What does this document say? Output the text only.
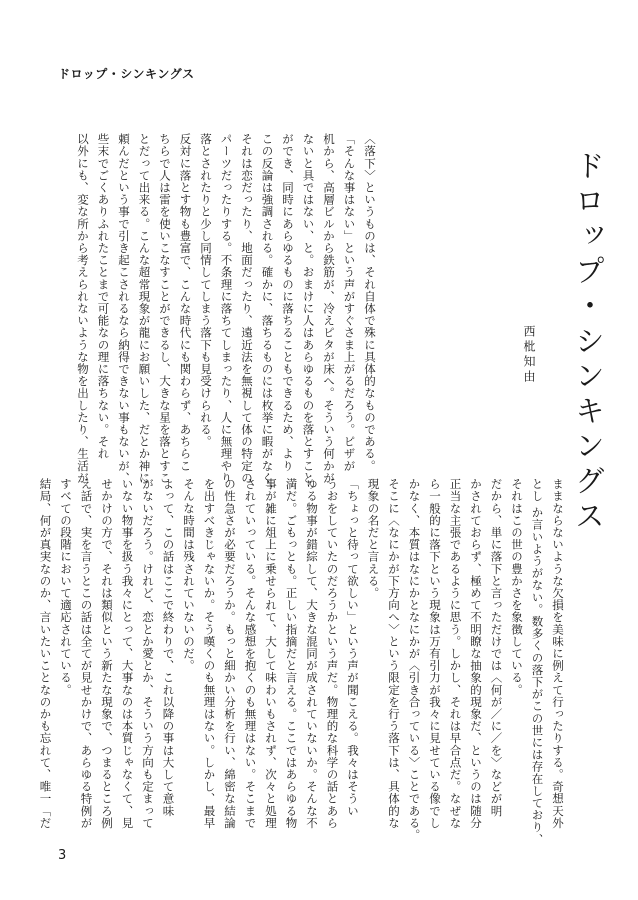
ドロップ・シンキングス
ドロップ・シンキングス
西枇知由
〈落下〉というものは、それ自体で殊に具体的なものである。
「そんな事はない」という声がすぐさま上がるだろう。ピザが
机から、高層ビルから鉄筋が、冷えピタが床へ。そういう何かが
ないと具ではない、と。おまけに人はあらゆるものを落とすこと
ができ、同時にあらゆるものに落ちることもできるため、より
この反論は強調される。確かに、落ちるものには枚挙に暇がなく、
それは恋だったり、地面だったり、遠近法を無視して体の特定の
パーツだったりする。不条理に落ちてしまったり、人に無理やり
落とされたりと少し同情してしまう落下も見受けられる。
反対に落とす物も豊富で、こんな時代にも関わらず、あちらこ
ちらで人は雷を使いこなすことができるし、大きな星を落とすこ
とだって出来る。こんな超常現象が龍にお願いした、だとか神に
頼んだという事で引き起こされるなら納得できない事もないが、
些末でごくありふれたことまで可能なの理に落ちない。それ
以外にも、変な所から考えられないような物を出したり、生活が
ままならないような欠損を美味に例えて行ったりする。奇想天外
とし か言いようがない。数多くの落下がこの世には存在しており、
それはこの世の豊かさを象徴している。
だから、単に落下と言っただけでは〈何が／に／を〉などが明
かされておらず、極めて不明瞭な抽象的現象だ、というのは随分
正当な主張であるように思う。しかし、それは早合点だ。なぜな
ら一般的に落下という現象は万有引力が我々に見せている像でし
かなく、本質はなにかとなにかが〈引き合っている〉ことである。
そこに〈なにかが下方向へ〉という限定を行う落下は、具体的な
現象の名だと言える。
「ちょっと待って欲しい」という声が聞こえる。我々はそうい
うおをしていたのだろうかという声だ。物理的な科学の話とあら
ゆる物事が錯綜して、大きな混同が成されていないか。そんな不
満だ。ごもっとも。正しい指摘だと言える。ここではあらゆる物
事が雑に俎上に乗せられて、大して味わいもされず、次々と処理
されていっている。そんな感想を抱くのも無理はない。そこまで
の性急さが必要だろうか。もっと細かい分析を行い、綿密な結論
を出すべきじゃないか。そう嘆くのも無理はない。しかし、最早
そんな時間は残されていないのだ。
よって、この話はここで終わりで、これ以降の事は大して意味
がないだろう。けれど、恋とか愛とか、そういう方向も定まって
いない物事を扱う我々にとって、大事なのは本質じゃなくて、見
せかけの方で、それは類似という新たな現象で、つまるところ例
え話で、実を言うとこの話は全てが見せかけで、あらゆる特例が
すべての段階において適応されている。
結局、何が真実なのか、言いたいことなのかも忘れて、唯一「だ
3
